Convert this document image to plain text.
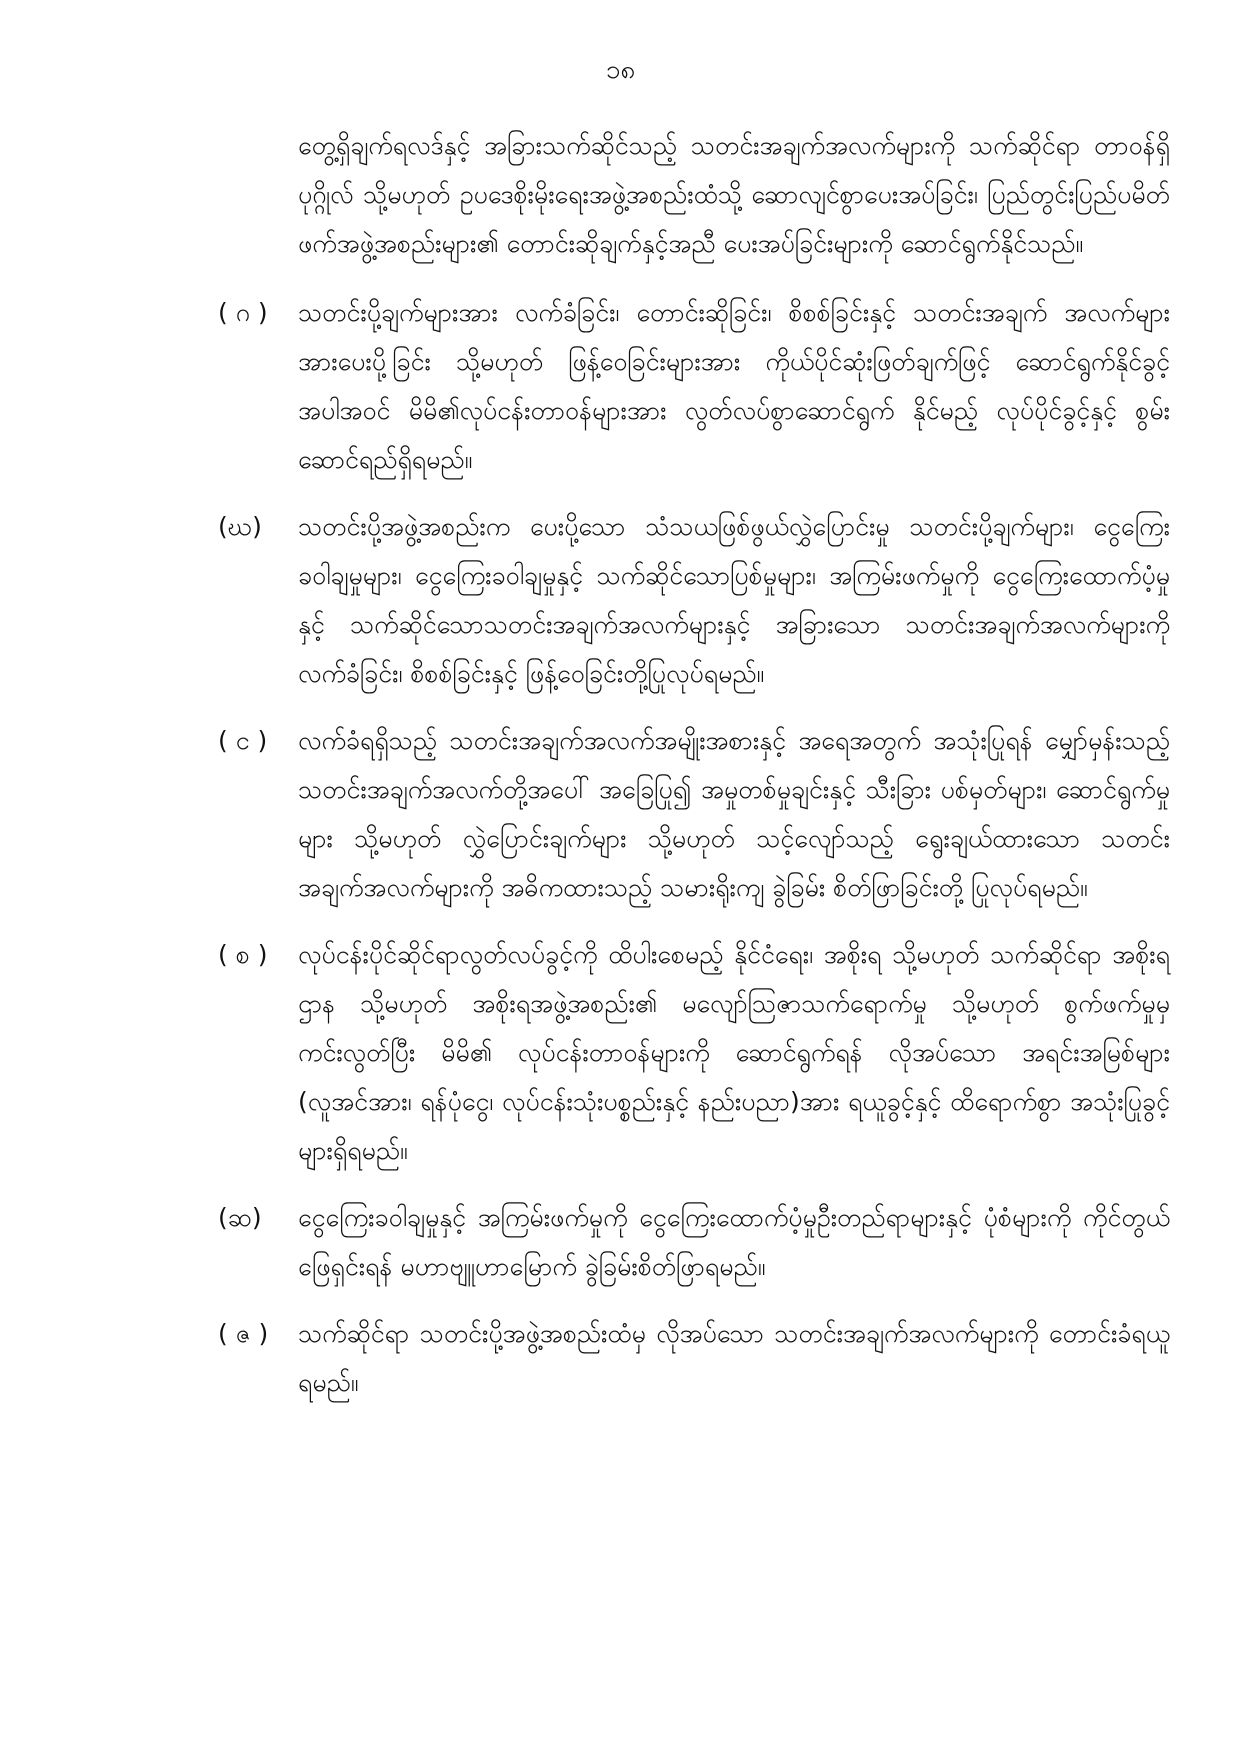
၁၈

တွေ့ရှိချက်ရလဒ်နှင့် အခြားသက်ဆိုင်သည့် သတင်းအချက်အလက်များကို သက်ဆိုင်ရာ တာဝန်ရှိပုဂ္ဂိုလ် သို့မဟုတ် ဥပဒေစိုးမိုးရေးအဖွဲ့အစည်းထံသို့ ဆောလျင်စွာပေးအပ်ခြင်း၊ ပြည်တွင်းပြည်ပမိတ်ဖက်အဖွဲ့အစည်းများ၏ တောင်းဆိုချက်နှင့်အညီ ပေးအပ်ခြင်းများကို ဆောင်ရွက်နိုင်သည်။

( ဂ )	သတင်းပို့ချက်များအား လက်ခံခြင်း၊ တောင်းဆိုခြင်း၊ စိစစ်ခြင်းနှင့် သတင်းအချက် အလက်များအားပေးပို့ခြင်း သို့မဟုတ် ဖြန့်ဝေခြင်းများအား ကိုယ်ပိုင်ဆုံးဖြတ်ချက်ဖြင့် ဆောင်ရွက်နိုင်ခွင့်အပါအဝင် မိမိ၏လုပ်ငန်းတာဝန်များအား လွတ်လပ်စွာဆောင်ရွက် နိုင်မည့် လုပ်ပိုင်ခွင့်နှင့် စွမ်းဆောင်ရည်ရှိရမည်။
(ဃ)	သတင်းပို့အဖွဲ့အစည်းက ပေးပို့သော သံသယဖြစ်ဖွယ်လွှဲပြောင်းမှု သတင်းပို့ချက်များ၊ ငွေကြေးခဝါချမှုများ၊ ငွေကြေးခဝါချမှုနှင့် သက်ဆိုင်သောပြစ်မှုများ၊ အကြမ်းဖက်မှုကို ငွေကြေးထောက်ပံ့မှုနှင့် သက်ဆိုင်သောသတင်းအချက်အလက်များနှင့် အခြားသော သတင်းအချက်အလက်များကို လက်ခံခြင်း၊ စိစစ်ခြင်းနှင့် ဖြန့်ဝေခြင်းတို့ပြုလုပ်ရမည်။
( င )	လက်ခံရရှိသည့် သတင်းအချက်အလက်အမျိုးအစားနှင့် အရေအတွက် အသုံးပြုရန် မျှော်မှန်းသည့် သတင်းအချက်အလက်တို့အပေါ် အခြေပြု၍ အမှုတစ်မှုချင်းနှင့် သီးခြား ပစ်မှတ်များ၊ ဆောင်ရွက်မှုများ သို့မဟုတ် လွှဲပြောင်းချက်များ သို့မဟုတ် သင့်လျော်သည့် ရွေးချယ်ထားသော သတင်းအချက်အလက်များကို အဓိကထားသည့် သမားရိုးကျ ခွဲခြမ်း စိတ်ဖြာခြင်းတို့ ပြုလုပ်ရမည်။
( စ )	လုပ်ငန်းပိုင်ဆိုင်ရာလွတ်လပ်ခွင့်ကို ထိပါးစေမည့် နိုင်ငံရေး၊ အစိုးရ သို့မဟုတ် သက်ဆိုင်ရာ အစိုးရဌာန သို့မဟုတ် အစိုးရအဖွဲ့အစည်း၏ မလျော်ဩဇာသက်ရောက်မှု သို့မဟုတ် စွက်ဖက်မှုမှကင်းလွတ်ပြီး မိမိ၏ လုပ်ငန်းတာဝန်များကို ဆောင်ရွက်ရန် လိုအပ်သော အရင်းအမြစ်များ (လူအင်အား၊ ရန်ပုံငွေ၊ လုပ်ငန်းသုံးပစ္စည်းနှင့် နည်းပညာ)အား ရယူခွင့်နှင့် ထိရောက်စွာ အသုံးပြုခွင့်များရှိရမည်။
(ဆ)	ငွေကြေးခဝါချမှုနှင့် အကြမ်းဖက်မှုကို ငွေကြေးထောက်ပံ့မှုဦးတည်ရာများနှင့် ပုံစံများကို ကိုင်တွယ်ဖြေရှင်းရန် မဟာဗျူဟာမြောက် ခွဲခြမ်းစိတ်ဖြာရမည်။
( ဇ )	သက်ဆိုင်ရာ သတင်းပို့အဖွဲ့အစည်းထံမှ လိုအပ်သော သတင်းအချက်အလက်များကို တောင်းခံရယူရမည်။
